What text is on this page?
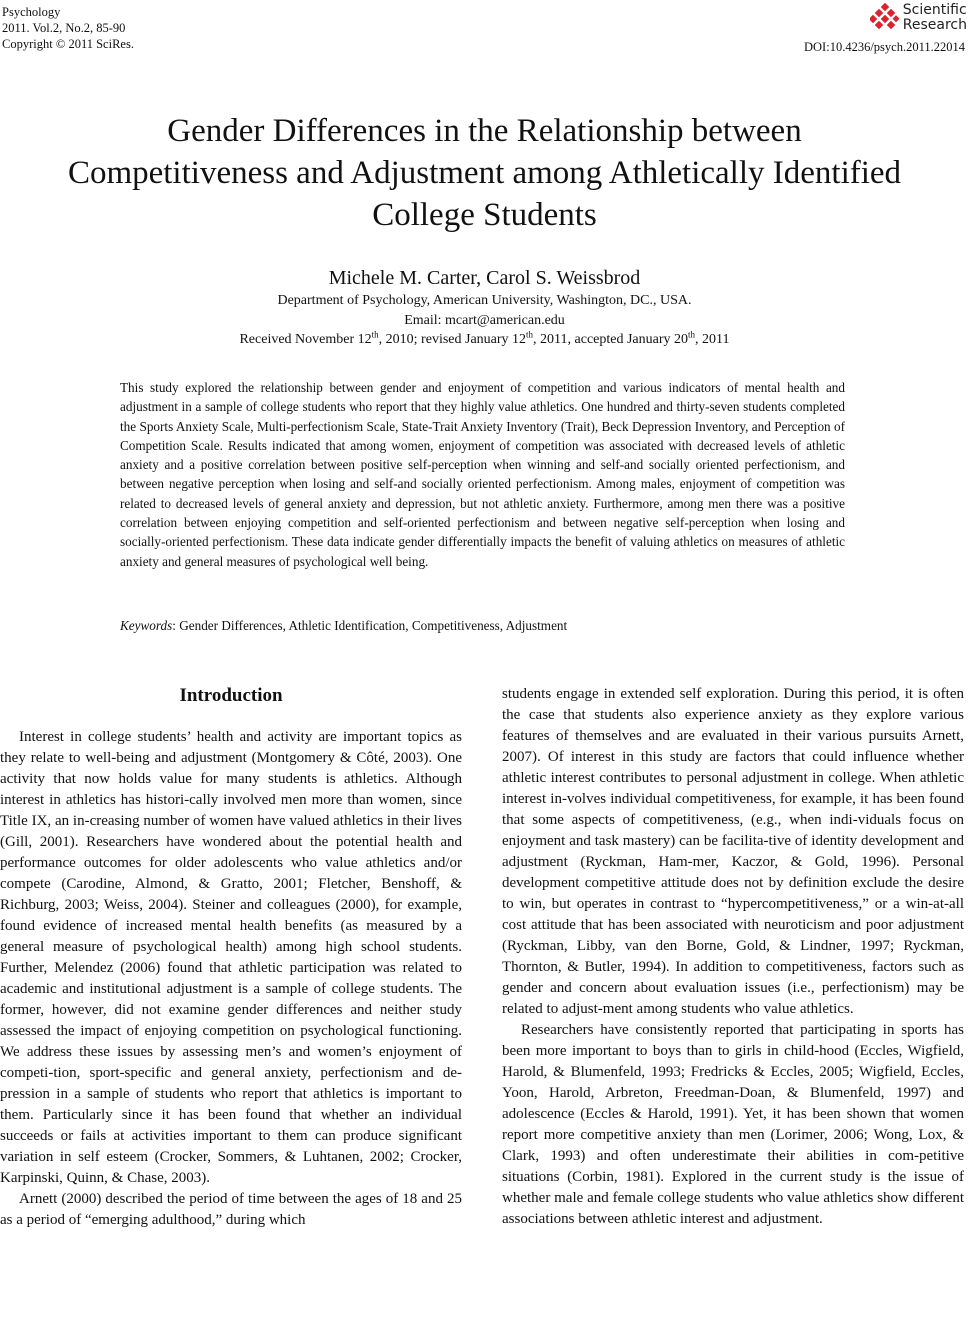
Psychology
2011. Vol.2, No.2, 85-90
Copyright © 2011 SciRes.
Scientific
Research
DOI:10.4236/psych.2011.22014
Gender Differences in the Relationship between Competitiveness and Adjustment among Athletically Identified College Students
Michele M. Carter, Carol S. Weissbrod
Department of Psychology, American University, Washington, DC., USA.
Email: mcart@american.edu
Received November 12th, 2010; revised January 12th, 2011, accepted January 20th, 2011
This study explored the relationship between gender and enjoyment of competition and various indicators of mental health and adjustment in a sample of college students who report that they highly value athletics. One hundred and thirty-seven students completed the Sports Anxiety Scale, Multi-perfectionism Scale, State-Trait Anxiety Inventory (Trait), Beck Depression Inventory, and Perception of Competition Scale. Results indicated that among women, enjoyment of competition was associated with decreased levels of athletic anxiety and a positive correlation between positive self-perception when winning and self-and socially oriented perfectionism, and between negative perception when losing and self-and socially oriented perfectionism. Among males, enjoyment of competition was related to decreased levels of general anxiety and depression, but not athletic anxiety. Furthermore, among men there was a positive correlation between enjoying competition and self-oriented perfectionism and between negative self-perception when losing and socially-oriented perfectionism. These data indicate gender differentially impacts the benefit of valuing athletics on measures of athletic anxiety and general measures of psychological well being.
Keywords: Gender Differences, Athletic Identification, Competitiveness, Adjustment
Introduction

Interest in college students’ health and activity are important topics as they relate to well-being and adjustment (Montgomery & Côté, 2003). One activity that now holds value for many students is athletics. Although interest in athletics has histori-cally involved men more than women, since Title IX, an in-creasing number of women have valued athletics in their lives (Gill, 2001). Researchers have wondered about the potential health and performance outcomes for older adolescents who value athletics and/or compete (Carodine, Almond, & Gratto, 2001; Fletcher, Benshoff, & Richburg, 2003; Weiss, 2004). Steiner and colleagues (2000), for example, found evidence of increased mental health benefits (as measured by a general measure of psychological health) among high school students. Further, Melendez (2006) found that athletic participation was related to academic and institutional adjustment is a sample of college students. The former, however, did not examine gender differences and neither study assessed the impact of enjoying competition on psychological functioning. We address these issues by assessing men’s and women’s enjoyment of competi-tion, sport-specific and general anxiety, perfectionism and de-pression in a sample of students who report that athletics is important to them. Particularly since it has been found that whether an individual succeeds or fails at activities important to them can produce significant variation in self esteem (Crocker, Sommers, & Luhtanen, 2002; Crocker, Karpinski, Quinn, & Chase, 2003).

Arnett (2000) described the period of time between the ages of 18 and 25 as a period of “emerging adulthood,” during which

students engage in extended self exploration. During this period, it is often the case that students also experience anxiety as they explore various features of themselves and are evaluated in their various pursuits Arnett, 2007). Of interest in this study are factors that could influence whether athletic interest contributes to personal adjustment in college. When athletic interest in-volves individual competitiveness, for example, it has been found that some aspects of competitiveness, (e.g., when indi-viduals focus on enjoyment and task mastery) can be facilita-tive of identity development and adjustment (Ryckman, Ham-mer, Kaczor, & Gold, 1996). Personal development competitive attitude does not by definition exclude the desire to win, but operates in contrast to “hypercompetitiveness,” or a win-at-all cost attitude that has been associated with neuroticism and poor adjustment (Ryckman, Libby, van den Borne, Gold, & Lindner, 1997; Ryckman, Thornton, & Butler, 1994). In addition to competitiveness, factors such as gender and concern about evaluation issues (i.e., perfectionism) may be related to adjust-ment among students who value athletics.

Researchers have consistently reported that participating in sports has been more important to boys than to girls in child-hood (Eccles, Wigfield, Harold, & Blumenfeld, 1993; Fredricks & Eccles, 2005; Wigfield, Eccles, Yoon, Harold, Arbreton, Freedman-Doan, & Blumenfeld, 1997) and adolescence (Eccles & Harold, 1991). Yet, it has been shown that women report more competitive anxiety than men (Lorimer, 2006; Wong, Lox, & Clark, 1993) and often underestimate their abilities in com-petitive situations (Corbin, 1981). Explored in the current study is the issue of whether male and female college students who value athletics show different associations between athletic interest and adjustment.
